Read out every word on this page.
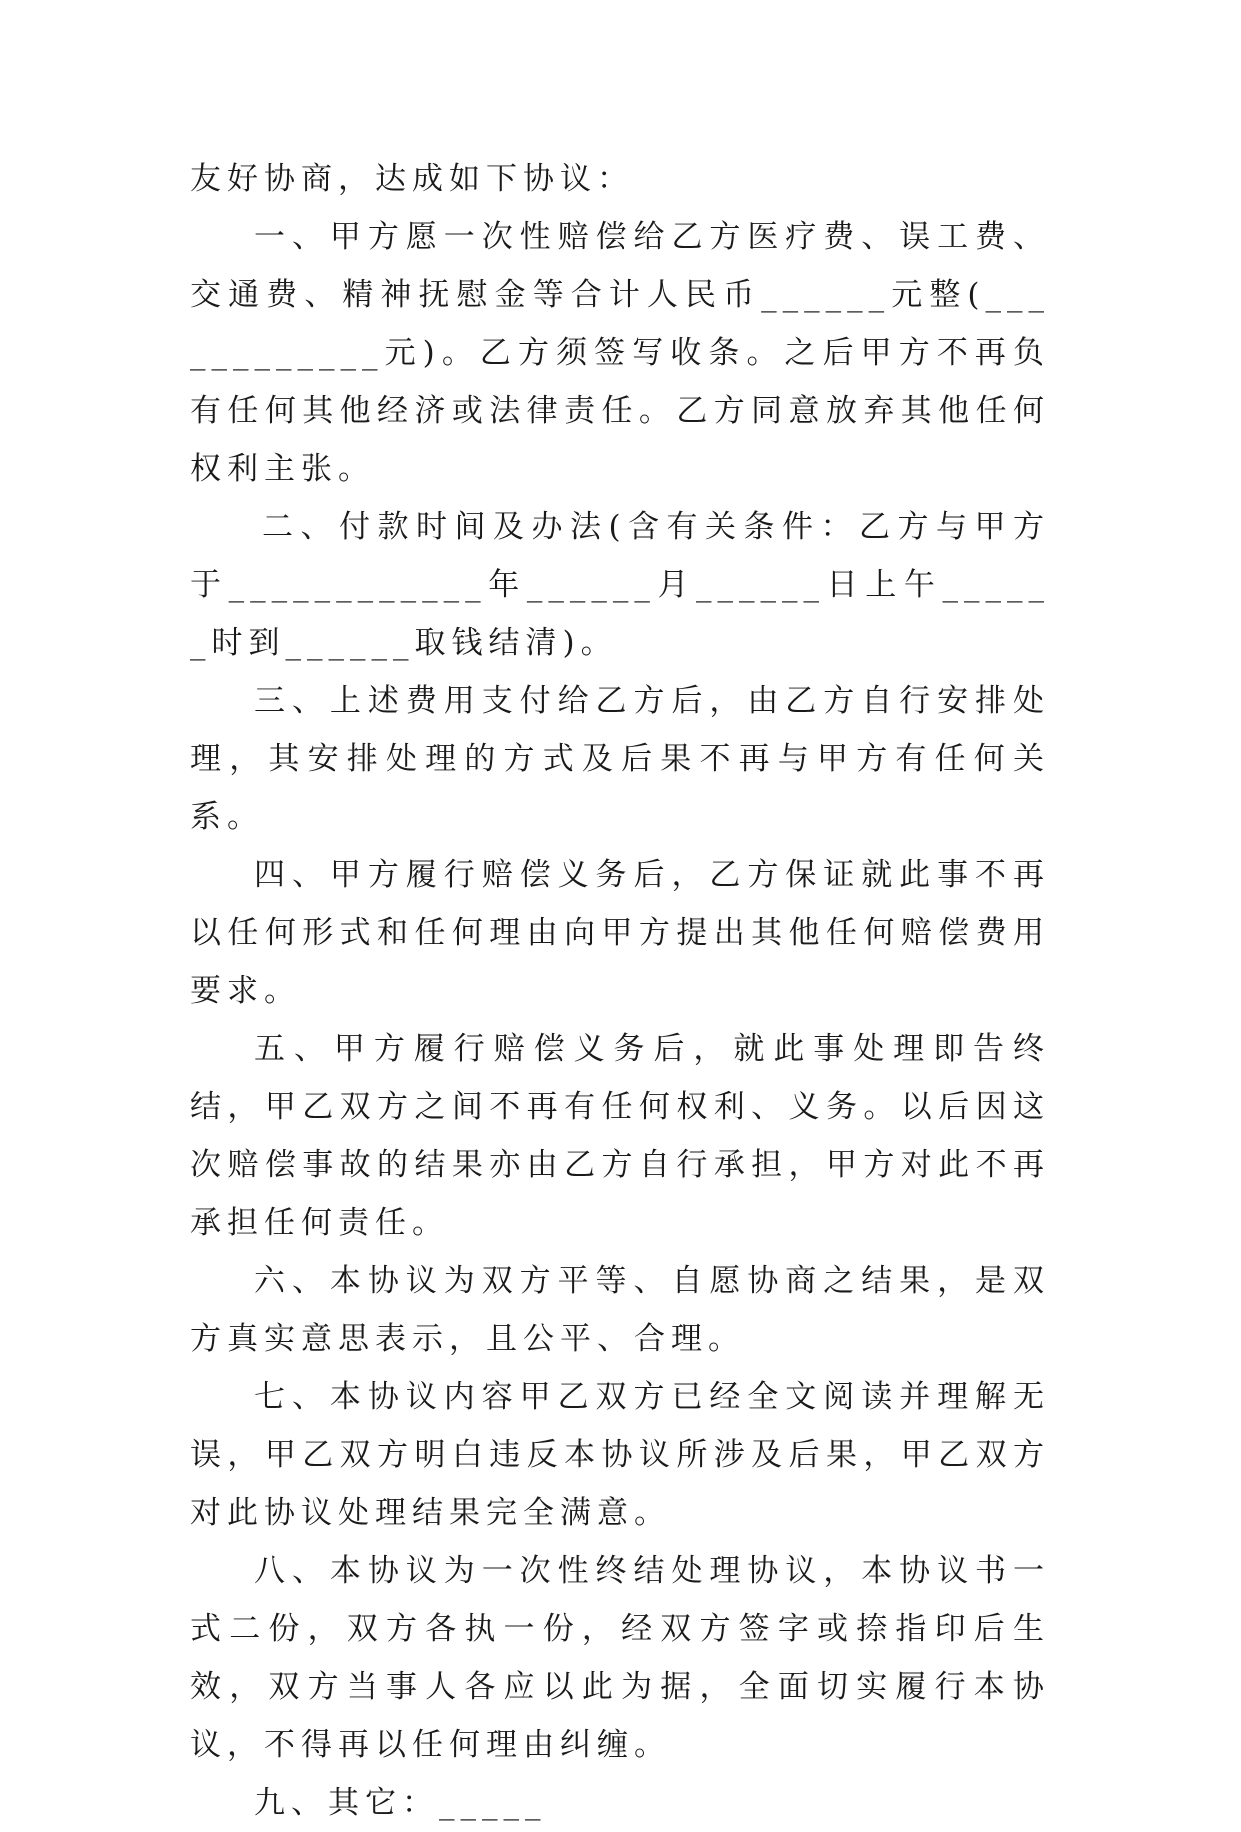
友好协商，达成如下协议：

一、甲方愿一次性赔偿给乙方医疗费、误工费、交通费、精神抚慰金等合计人民币______元整(____________元)。乙方须签写收条。之后甲方不再负有任何其他经济或法律责任。乙方同意放弃其他任何权利主张。

二、付款时间及办法(含有关条件：乙方与甲方于____________年______月______日上午______时到______取钱结清)。

三、上述费用支付给乙方后，由乙方自行安排处理，其安排处理的方式及后果不再与甲方有任何关系。

四、甲方履行赔偿义务后，乙方保证就此事不再以任何形式和任何理由向甲方提出其他任何赔偿费用要求。

五、甲方履行赔偿义务后，就此事处理即告终结，甲乙双方之间不再有任何权利、义务。以后因这次赔偿事故的结果亦由乙方自行承担，甲方对此不再承担任何责任。

六、本协议为双方平等、自愿协商之结果，是双方真实意思表示，且公平、合理。

七、本协议内容甲乙双方已经全文阅读并理解无误，甲乙双方明白违反本协议所涉及后果，甲乙双方对此协议处理结果完全满意。

八、本协议为一次性终结处理协议，本协议书一式二份，双方各执一份，经双方签字或捺指印后生效，双方当事人各应以此为据，全面切实履行本协议，不得再以任何理由纠缠。

九、其它：_____
